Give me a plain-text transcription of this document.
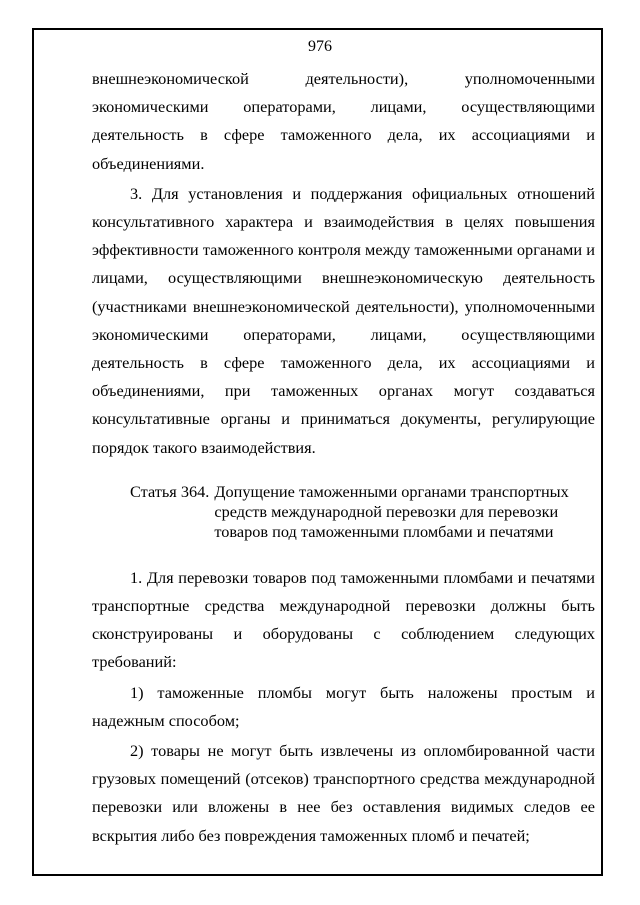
976

внешнеэкономической деятельности), уполномоченными

экономическими операторами, лицами, осуществляющими деятельность в сфере таможенного дела, их ассоциациями и объединениями.

3. Для установления и поддержания официальных отношений консультативного характера и взаимодействия в целях повышения эффективности таможенного контроля между таможенными органами и лицами, осуществляющими внешнеэкономическую деятельность (участниками внешнеэкономической деятельности), уполномоченными экономическими операторами, лицами, осуществляющими деятельность в сфере таможенного дела, их ассоциациями и объединениями, при таможенных органах могут создаваться консультативные органы и приниматься документы, регулирующие порядок такого взаимодействия.

Статья 364. Допущение таможенными органами транспортных средств международной перевозки для перевозки товаров под таможенными пломбами и печатями

1. Для перевозки товаров под таможенными пломбами и печатями транспортные средства международной перевозки должны быть сконструированы и оборудованы с соблюдением следующих требований:

1) таможенные пломбы могут быть наложены простым и надежным способом;

2) товары не могут быть извлечены из опломбированной части грузовых помещений (отсеков) транспортного средства международной перевозки или вложены в нее без оставления видимых следов ее вскрытия либо без повреждения таможенных пломб и печатей;
